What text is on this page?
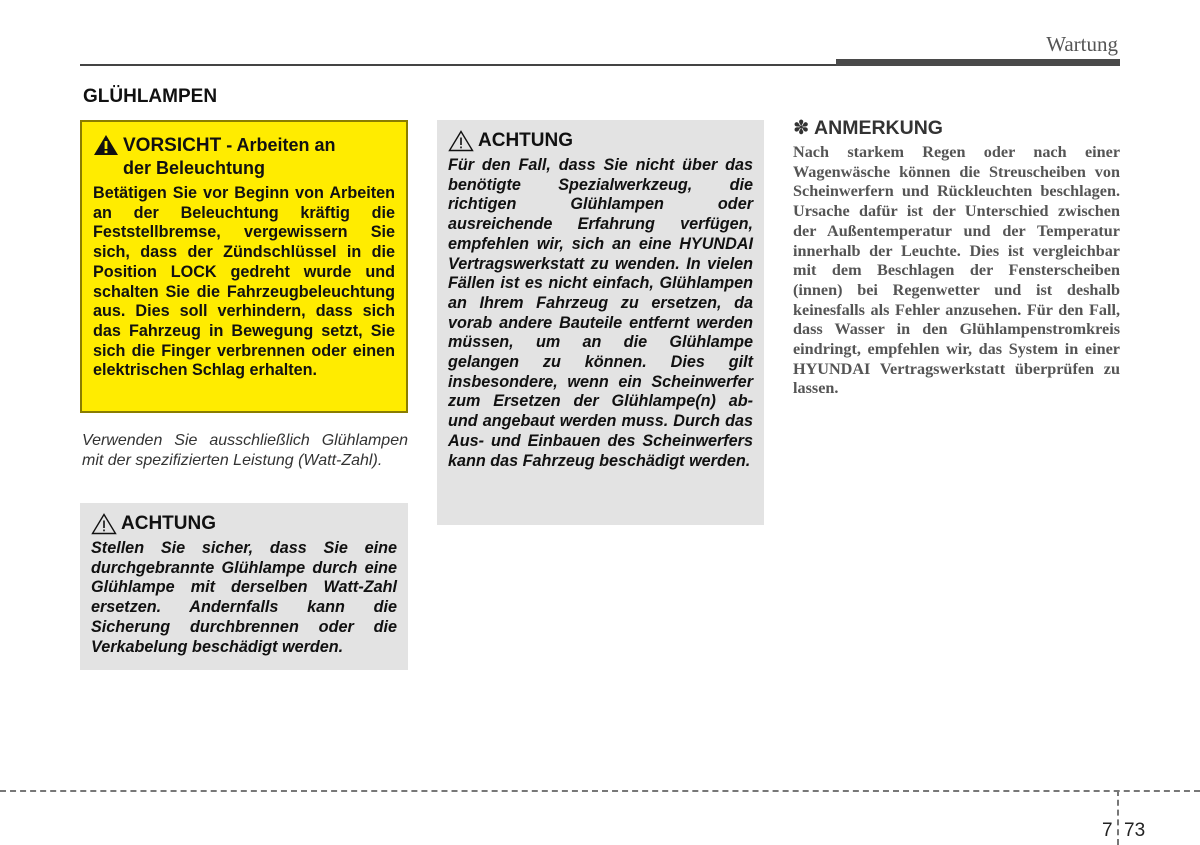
Wartung
GLÜHLAMPEN
VORSICHT - Arbeiten an
der Beleuchtung
Betätigen Sie vor Beginn von Arbeiten an der Beleuchtung kräftig die Feststellbremse, vergewissern Sie sich, dass der Zündschlüssel in die Position LOCK gedreht wurde und schalten Sie die Fahrzeugbeleuchtung aus. Dies soll verhindern, dass sich das Fahrzeug in Bewegung setzt, Sie sich die Finger verbrennen oder einen elektrischen Schlag erhalten.
Verwenden Sie ausschließlich Glühlampen mit der spezifizierten Leistung (Watt-Zahl).
ACHTUNG
Stellen Sie sicher, dass Sie eine durchgebrannte Glühlampe durch eine Glühlampe mit derselben Watt-Zahl ersetzen. Andernfalls kann die Sicherung durchbrennen oder die Verkabelung beschädigt werden.
ACHTUNG
Für den Fall, dass Sie nicht über das benötigte Spezialwerkzeug, die richtigen Glühlampen oder ausreichende Erfahrung verfügen, empfehlen wir, sich an eine HYUNDAI Vertragswerkstatt zu wenden. In vielen Fällen ist es nicht einfach, Glühlampen an Ihrem Fahrzeug zu ersetzen, da vorab andere Bauteile entfernt werden müssen, um an die Glühlampe gelangen zu können. Dies gilt insbesondere, wenn ein Scheinwerfer zum Ersetzen der Glühlampe(n) ab- und angebaut werden muss. Durch das Aus- und Einbauen des Scheinwerfers kann das Fahrzeug beschädigt werden.
✽ ANMERKUNG
Nach starkem Regen oder nach einer Wagenwäsche können die Streuscheiben von Scheinwerfern und Rückleuchten beschlagen. Ursache dafür ist der Unterschied zwischen der Außentemperatur und der Temperatur innerhalb der Leuchte. Dies ist vergleichbar mit dem Beschlagen der Fensterscheiben (innen) bei Regenwetter und ist deshalb keinesfalls als Fehler anzusehen. Für den Fall, dass Wasser in den Glühlampenstromkreis eindringt, empfehlen wir, das System in einer HYUNDAI Vertragswerkstatt überprüfen zu lassen.
7 73
